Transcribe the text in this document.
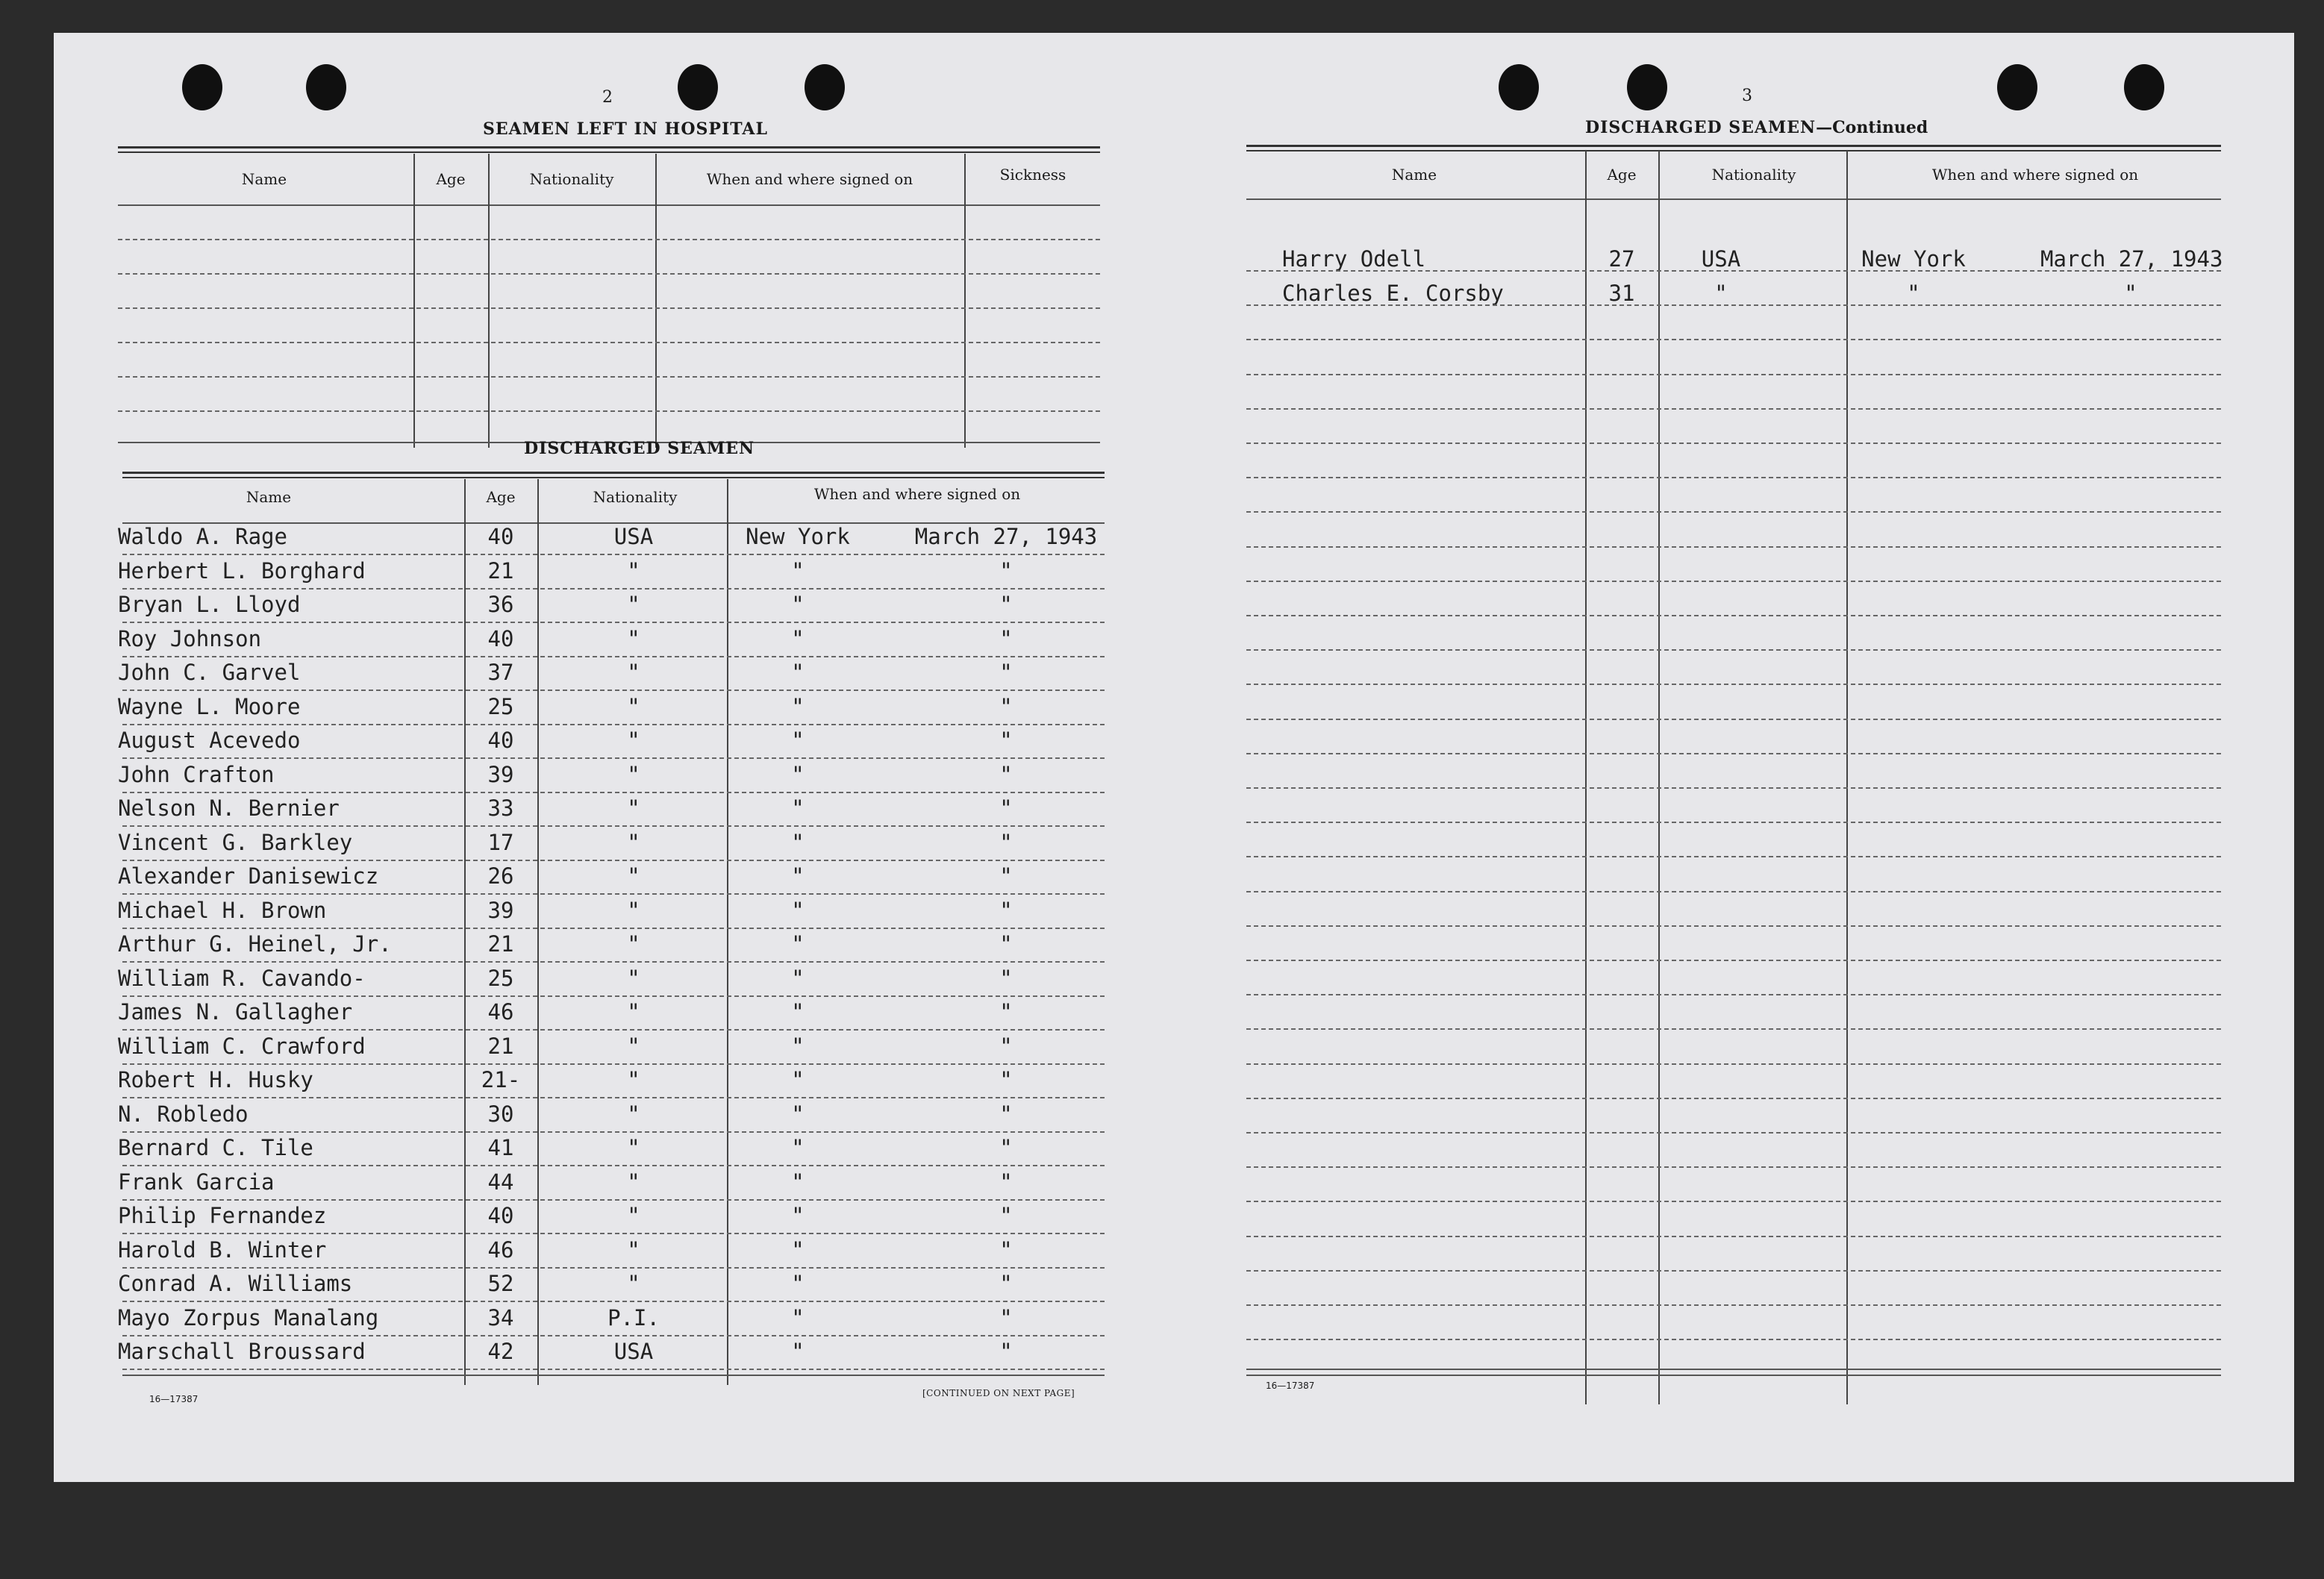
2
SEAMEN LEFT IN HOSPITAL
Name	Age	Nationality	When and where signed on	Sickness
DISCHARGED SEAMEN
Name	Age	Nationality	When and where signed on
Waldo A. Rage	40	USA	New York	March 27, 1943
Herbert L. Borghard	21	"	"	"
Bryan L. Lloyd	36	"	"	"
Roy Johnson	40	"	"	"
John C. Garvel	37	"	"	"
Wayne L. Moore	25	"	"	"
August Acevedo	40	"	"	"
John Crafton	39	"	"	"
Nelson N. Bernier	33	"	"	"
Vincent G. Barkley	17	"	"	"
Alexander Danisewicz	26	"	"	"
Michael H. Brown	39	"	"	"
Arthur G. Heinel, Jr.	21	"	"	"
William R. Cavando-	25	"	"	"
James N. Gallagher	46	"	"	"
William C. Crawford	21	"	"	"
Robert H. Husky	21-	"	"	"
N. Robledo	30	"	"	"
Bernard C. Tile	41	"	"	"
Frank Garcia	44	"	"	"
Philip Fernandez	40	"	"	"
Harold B. Winter	46	"	"	"
Conrad A. Williams	52	"	"	"
Mayo Zorpus Manalang	34	P.I.	"	"
Marschall Broussard	42	USA	"	"
16—17387
[CONTINUED ON NEXT PAGE]
3
DISCHARGED SEAMEN—Continued
Name	Age	Nationality	When and where signed on
Harry Odell	27	USA	New York	March 27, 1943
Charles E. Corsby	31	"	"	"
16—17387
